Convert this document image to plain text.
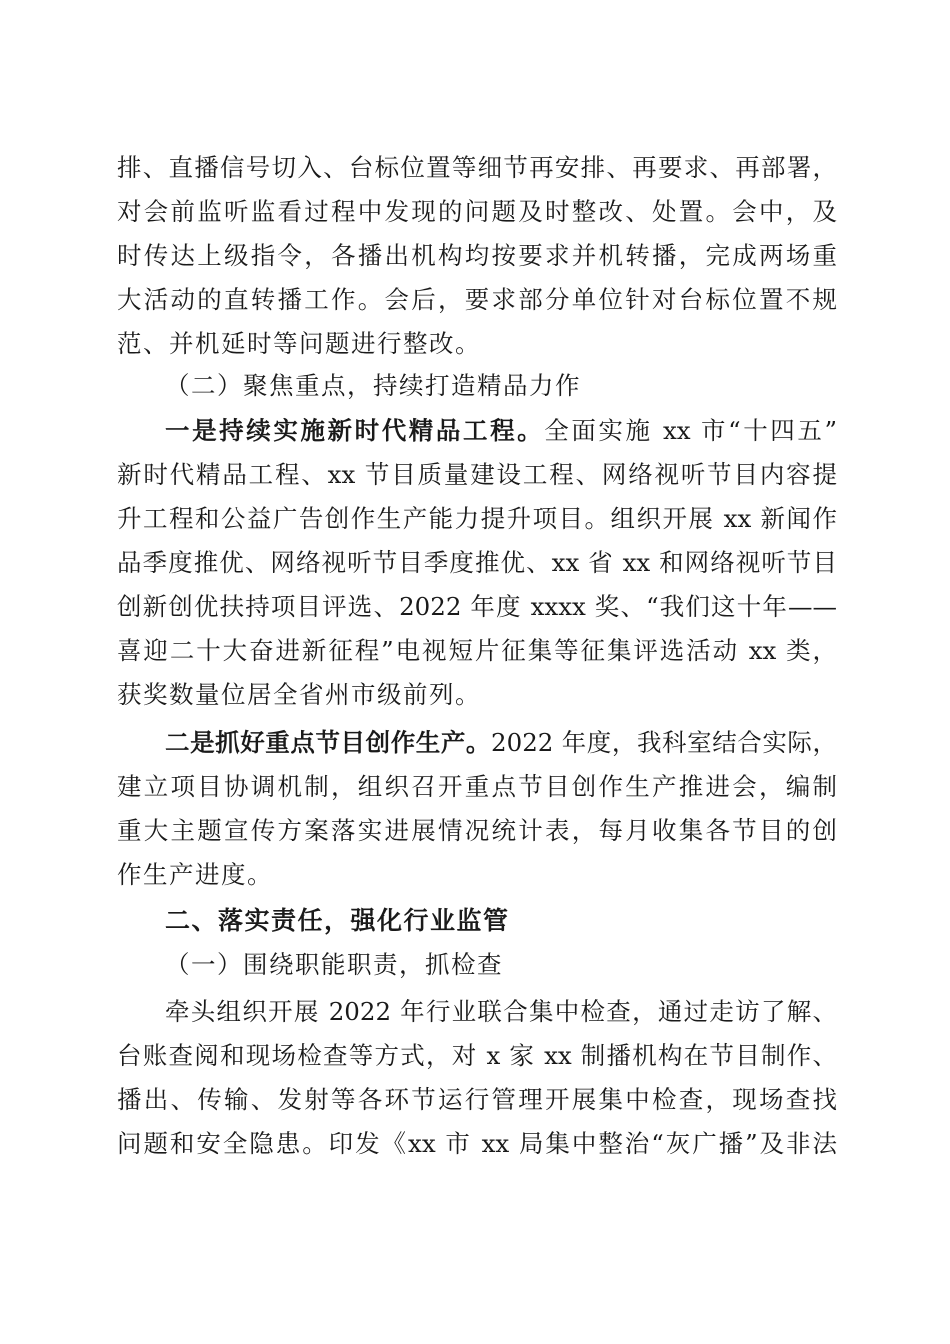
排、直播信号切入、台标位置等细节再安排、再要求、再部署，
对会前监听监看过程中发现的问题及时整改、处置。会中，及
时传达上级指令，各播出机构均按要求并机转播，完成两场重
大活动的直转播工作。会后，要求部分单位针对台标位置不规
范、并机延时等问题进行整改。
（二）聚焦重点，持续打造精品力作
一是持续实施新时代精品工程。全面实施 xx 市“十四五”
新时代精品工程、xx 节目质量建设工程、网络视听节目内容提
升工程和公益广告创作生产能力提升项目。组织开展 xx 新闻作
品季度推优、网络视听节目季度推优、xx 省 xx 和网络视听节目
创新创优扶持项目评选、2022 年度 xxxx 奖、“我们这十年——
喜迎二十大奋进新征程”电视短片征集等征集评选活动 xx 类，
获奖数量位居全省州市级前列。
二是抓好重点节目创作生产。2022 年度，我科室结合实际，
建立项目协调机制，组织召开重点节目创作生产推进会，编制
重大主题宣传方案落实进展情况统计表，每月收集各节目的创
作生产进度。
二、落实责任，强化行业监管
（一）围绕职能职责，抓检查
牵头组织开展 2022 年行业联合集中检查，通过走访了解、
台账查阅和现场检查等方式，对 x 家 xx 制播机构在节目制作、
播出、传输、发射等各环节运行管理开展集中检查，现场查找
问题和安全隐患。印发《xx 市 xx 局集中整治“灰广播”及非法
